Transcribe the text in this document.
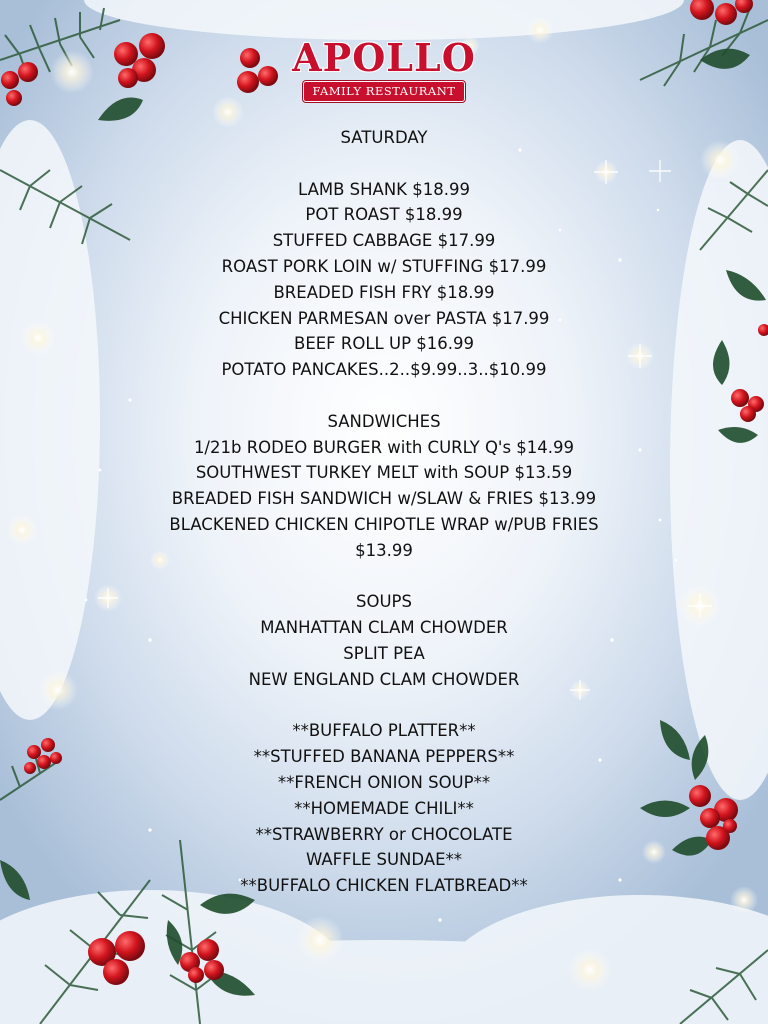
APOLLO
FAMILY RESTAURANT
SATURDAY
LAMB SHANK $18.99
POT ROAST $18.99
STUFFED CABBAGE $17.99
ROAST PORK LOIN w/ STUFFING $17.99
BREADED FISH FRY $18.99
CHICKEN PARMESAN over PASTA $17.99
BEEF ROLL UP $16.99
POTATO PANCAKES..2..$9.99..3..$10.99
SANDWICHES
1/21b RODEO BURGER with CURLY Q's $14.99
SOUTHWEST TURKEY MELT with SOUP $13.59
BREADED FISH SANDWICH w/SLAW & FRIES $13.99
BLACKENED CHICKEN CHIPOTLE WRAP w/PUB FRIES
$13.99
SOUPS
MANHATTAN CLAM CHOWDER
SPLIT PEA
NEW ENGLAND CLAM CHOWDER
**BUFFALO PLATTER**
**STUFFED BANANA PEPPERS**
**FRENCH ONION SOUP**
**HOMEMADE CHILI**
**STRAWBERRY or CHOCOLATE
WAFFLE SUNDAE**
**BUFFALO CHICKEN FLATBREAD**
